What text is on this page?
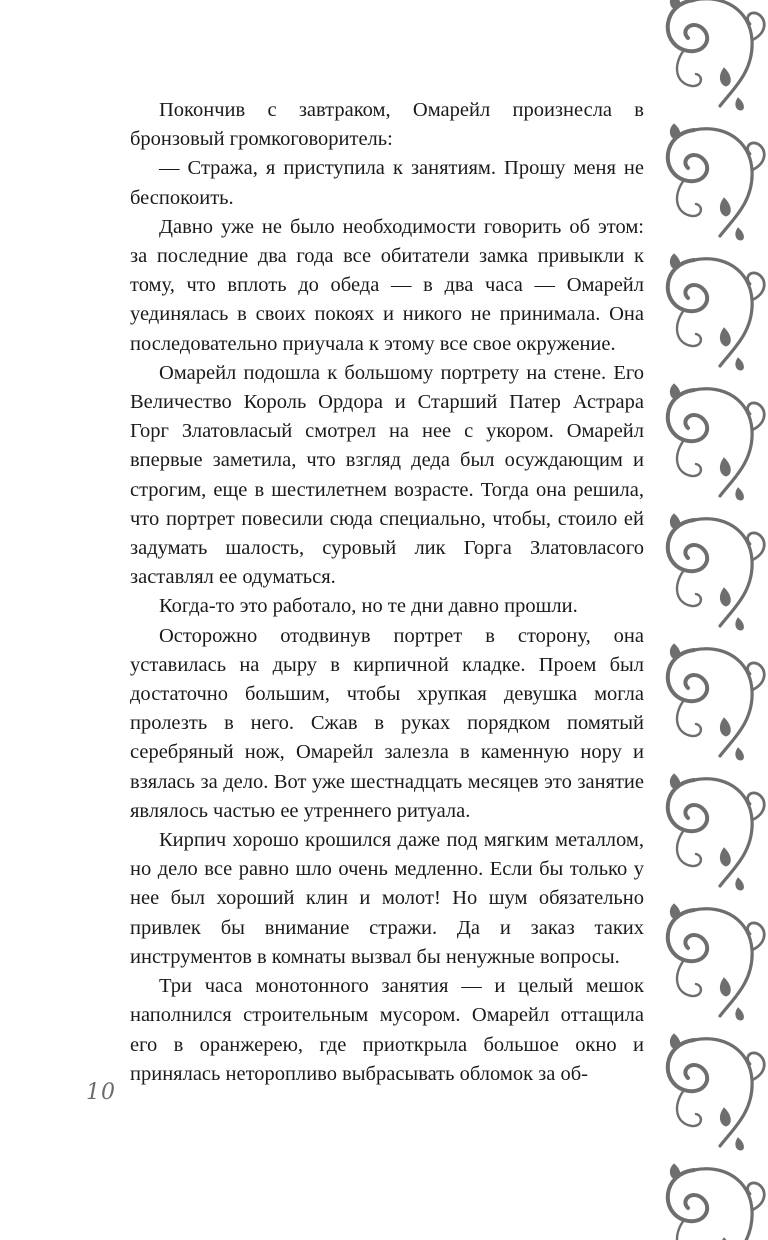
Покончив с завтраком, Омарейл произнесла в бронзовый громкоговоритель:

— Стража, я приступила к занятиям. Прошу меня не беспокоить.

Давно уже не было необходимости говорить об этом: за последние два года все обитатели замка привыкли к тому, что вплоть до обеда — в два часа — Омарейл уединялась в своих покоях и никого не принимала. Она последовательно приучала к этому все свое окружение.

Омарейл подошла к большому портрету на стене. Его Величество Король Ордора и Старший Патер Астрара Горг Златовласый смотрел на нее с укором. Омарейл впервые заметила, что взгляд деда был осуждающим и строгим, еще в шестилетнем возрасте. Тогда она решила, что портрет повесили сюда специально, чтобы, стоило ей задумать шалость, суровый лик Горга Златовласого заставлял ее одуматься.

Когда-то это работало, но те дни давно прошли.

Осторожно отодвинув портрет в сторону, она уставилась на дыру в кирпичной кладке. Проем был достаточно большим, чтобы хрупкая девушка могла пролезть в него. Сжав в руках порядком помятый серебряный нож, Омарейл залезла в каменную нору и взялась за дело. Вот уже шестнадцать месяцев это занятие являлось частью ее утреннего ритуала.

Кирпич хорошо крошился даже под мягким металлом, но дело все равно шло очень медленно. Если бы только у нее был хороший клин и молот! Но шум обязательно привлек бы внимание стражи. Да и заказ таких инструментов в комнаты вызвал бы ненужные вопросы.

Три часа монотонного занятия — и целый мешок наполнился строительным мусором. Омарейл оттащила его в оранжерею, где приоткрыла большое окно и принялась неторопливо выбрасывать обломок за об-

10
